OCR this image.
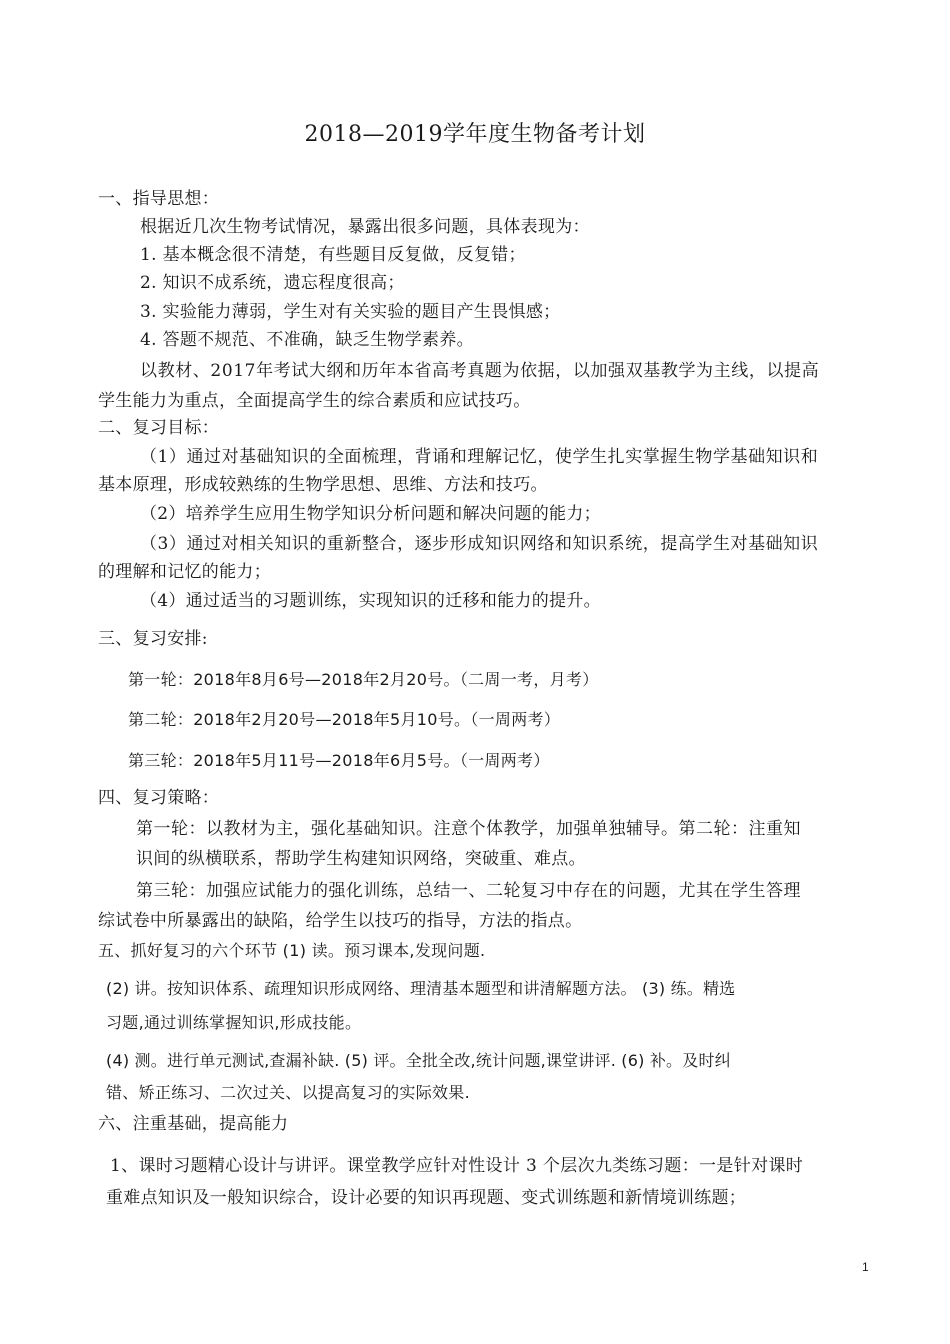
2018—2019学年度生物备考计划
一、指导思想：
根据近几次生物考试情况，暴露出很多问题，具体表现为：
1. 基本概念很不清楚，有些题目反复做，反复错；
2. 知识不成系统，遗忘程度很高；
3. 实验能力薄弱，学生对有关实验的题目产生畏惧感；
4. 答题不规范、不准确，缺乏生物学素养。
以教材、2017年考试大纲和历年本省高考真题为依据，以加强双基教学为主线，以提高
学生能力为重点，全面提高学生的综合素质和应试技巧。
二、复习目标：
（1）通过对基础知识的全面梳理，背诵和理解记忆，使学生扎实掌握生物学基础知识和
基本原理，形成较熟练的生物学思想、思维、方法和技巧。
（2）培养学生应用生物学知识分析问题和解决问题的能力；
（3）通过对相关知识的重新整合，逐步形成知识网络和知识系统，提高学生对基础知识
的理解和记忆的能力；
（4）通过适当的习题训练，实现知识的迁移和能力的提升。
三、复习安排:
第一轮：2018年8月6号—2018年2月20号。（二周一考，月考）
第二轮：2018年2月20号—2018年5月10号。（一周两考）
第三轮：2018年5月11号—2018年6月5号。（一周两考）
四、复习策略：
第一轮：以教材为主，强化基础知识。注意个体教学，加强单独辅导。第二轮：注重知
识间的纵横联系，帮助学生构建知识网络，突破重、难点。
第三轮：加强应试能力的强化训练，总结一、二轮复习中存在的问题，尤其在学生答理
综试卷中所暴露出的缺陷，给学生以技巧的指导，方法的指点。
五、抓好复习的六个环节 (1) 读。预习课本,发现问题.
(2) 讲。按知识体系、疏理知识形成网络、理清基本题型和讲清解题方法。 (3) 练。精选
习题,通过训练掌握知识,形成技能。
(4) 测。进行单元测试,查漏补缺. (5) 评。全批全改,统计问题,课堂讲评. (6) 补。及时纠
错、矫正练习、二次过关、以提高复习的实际效果.
六、注重基础，提高能力
1、课时习题精心设计与讲评。课堂教学应针对性设计 3 个层次九类练习题：一是针对课时
重难点知识及一般知识综合，设计必要的知识再现题、变式训练题和新情境训练题；
1
